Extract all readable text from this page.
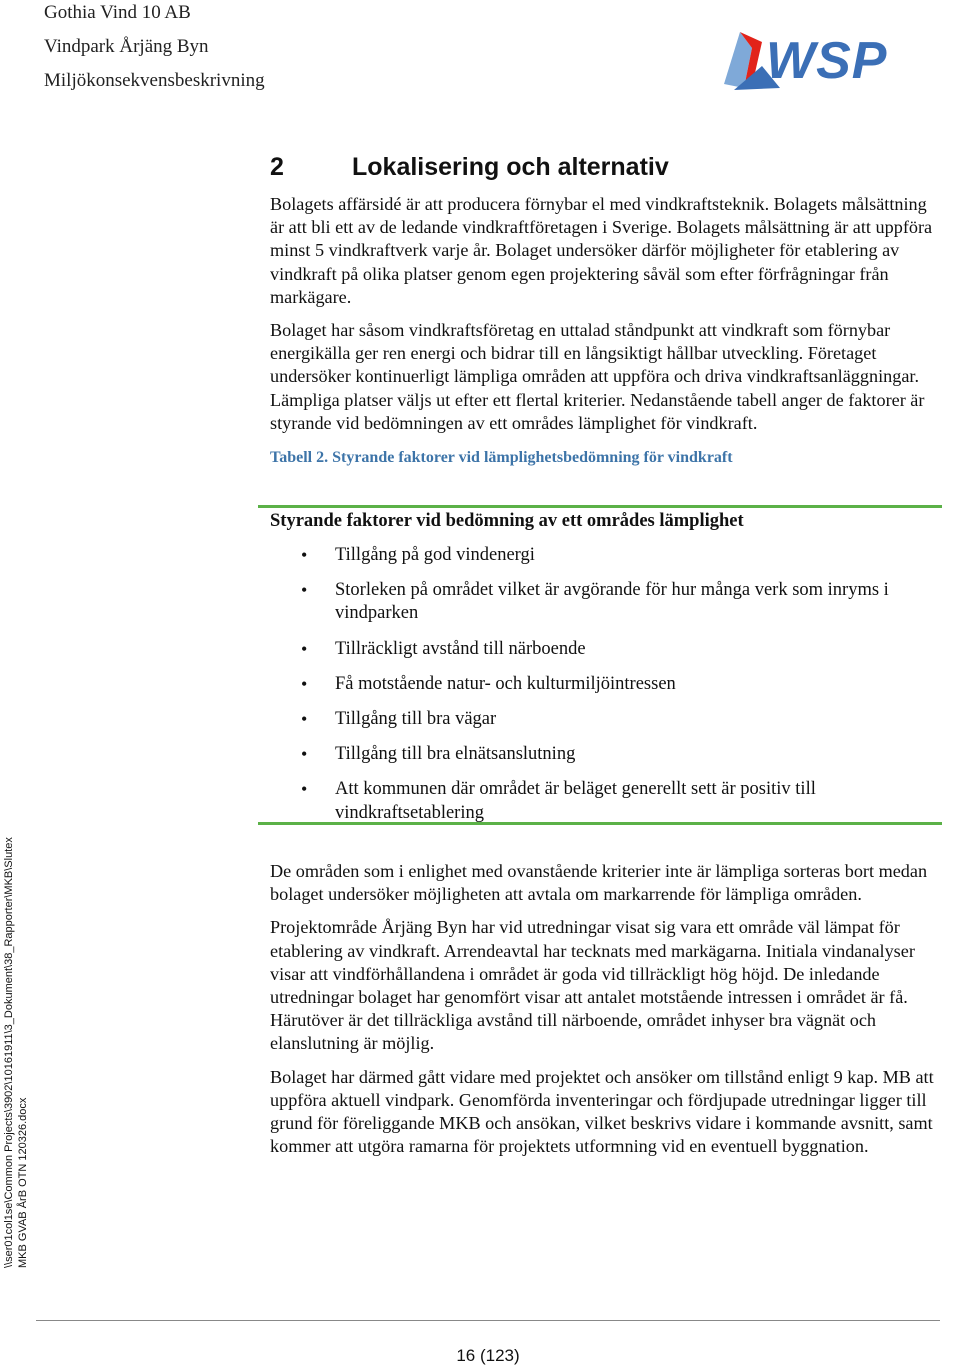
Gothia Vind 10 AB
Vindpark Årjäng Byn
Miljökonsekvensbeskrivning	WSP
2	Lokalisering och alternativ

Bolagets affärsidé är att producera förnybar el med vindkraftsteknik. Bolagets målsättning är att bli ett av de ledande vindkraftföretagen i Sverige. Bolagets målsättning är att uppföra minst 5 vindkraftverk varje år. Bolaget undersöker därför möjligheter för etablering av vindkraft på olika platser genom egen projektering såväl som efter förfrågningar från markägare.

Bolaget har såsom vindkraftsföretag en uttalad ståndpunkt att vindkraft som förnybar energikälla ger ren energi och bidrar till en långsiktigt hållbar utveckling. Företaget undersöker kontinuerligt lämpliga områden att uppföra och driva vindkraftsanläggningar. Lämpliga platser väljs ut efter ett flertal kriterier. Nedanstående tabell anger de faktorer är styrande vid bedömningen av ett områdes lämplighet för vindkraft.

Tabell 2. Styrande faktorer vid lämplighetsbedömning för vindkraft
Styrande faktorer vid bedömning av ett områdes lämplighet
• Tillgång på god vindenergi
• Storleken på området vilket är avgörande för hur många verk som inryms i vindparken
• Tillräckligt avstånd till närboende
• Få motstående natur- och kulturmiljöintressen
• Tillgång till bra vägar
• Tillgång till bra elnätsanslutning
• Att kommunen där området är beläget generellt sett är positiv till vindkraftsetablering

De områden som i enlighet med ovanstående kriterier inte är lämpliga sorteras bort medan bolaget undersöker möjligheten att avtala om markarrende för lämpliga områden.

Projektområde Årjäng Byn har vid utredningar visat sig vara ett område väl lämpat för etablering av vindkraft. Arrendeavtal har tecknats med markägarna. Initiala vindanalyser visar att vindförhållandena i området är goda vid tillräckligt hög höjd. De inledande utredningar bolaget har genomfört visar att antalet motstående intressen i området är få. Härutöver är det tillräckliga avstånd till närboende, området inhyser bra vägnät och elanslutning är möjlig.

Bolaget har därmed gått vidare med projektet och ansöker om tillstånd enligt 9 kap. MB att uppföra aktuell vindpark. Genomförda inventeringar och fördjupade utredningar ligger till grund för föreliggande MKB och ansökan, vilket beskrivs vidare i kommande avsnitt, samt kommer att utgöra ramarna för projektets utformning vid en eventuell byggnation.

\\ser01col1se\Common Projects\3902\10161911\3_Dokument\38_Rapporter\MKB\Slutex MKB GVAB ÅrB OTN 120326.docx
16 (123)
